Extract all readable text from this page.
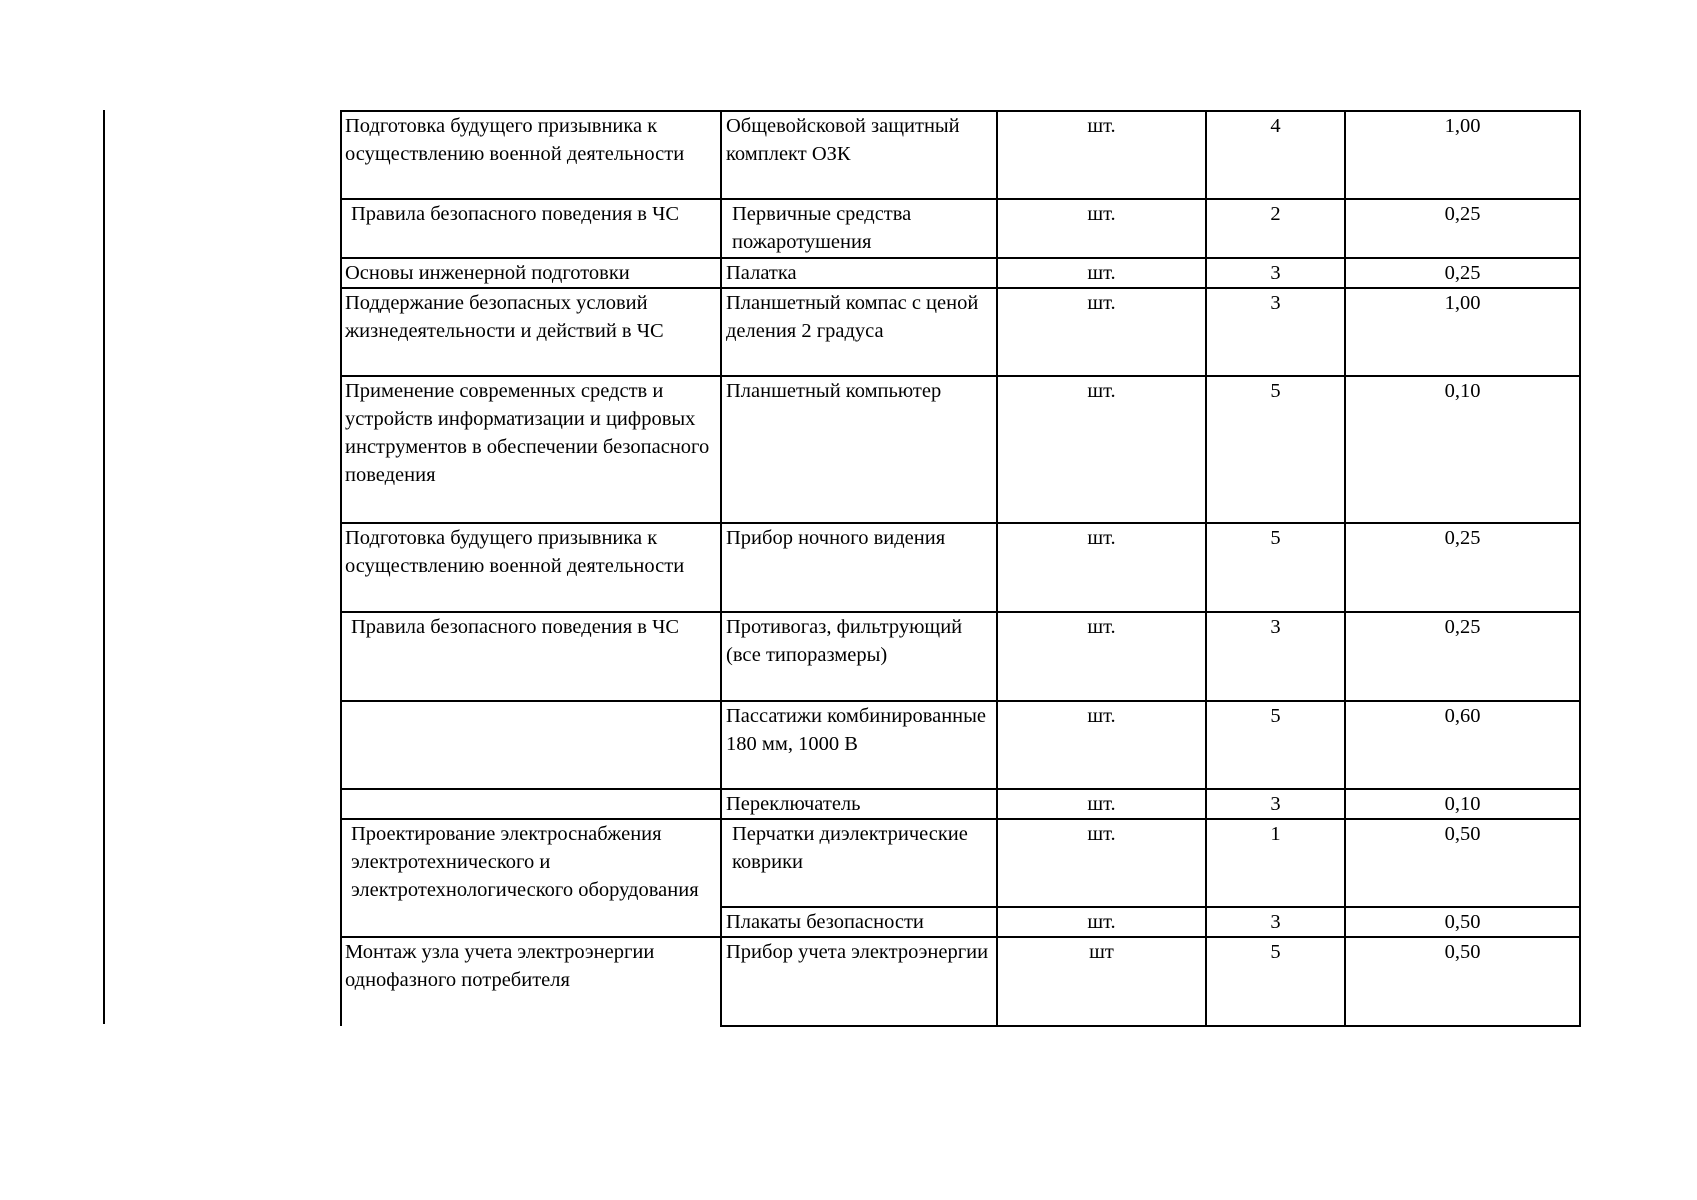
Подготовка будущего призывника к осуществлению военной деятельности	Общевойсковой защитный комплект ОЗК	шт.	4	1,00
Правила безопасного поведения в ЧС	Первичные средства пожаротушения	шт.	2	0,25
Основы инженерной подготовки	Палатка	шт.	3	0,25
Поддержание безопасных условий жизнедеятельности и действий в ЧС	Планшетный компас с ценой деления 2 градуса	шт.	3	1,00
Применение современных средств и устройств информатизации и цифровых инструментов в обеспечении безопасного поведения	Планшетный компьютер	шт.	5	0,10
Подготовка будущего призывника к осуществлению военной деятельности	Прибор ночного видения	шт.	5	0,25
Правила безопасного поведения в ЧС	Противогаз, фильтрующий (все типоразмеры)	шт.	3	0,25
	Пассатижи комбинированные 180 мм, 1000 В	шт.	5	0,60
	Переключатель	шт.	3	0,10
Проектирование электроснабжения электротехнического и электротехнологического оборудования	Перчатки диэлектрические коврики	шт.	1	0,50
	Плакаты безопасности	шт.	3	0,50
Монтаж узла учета электроэнергии однофазного потребителя	Прибор учета электроэнергии	шт	5	0,50
